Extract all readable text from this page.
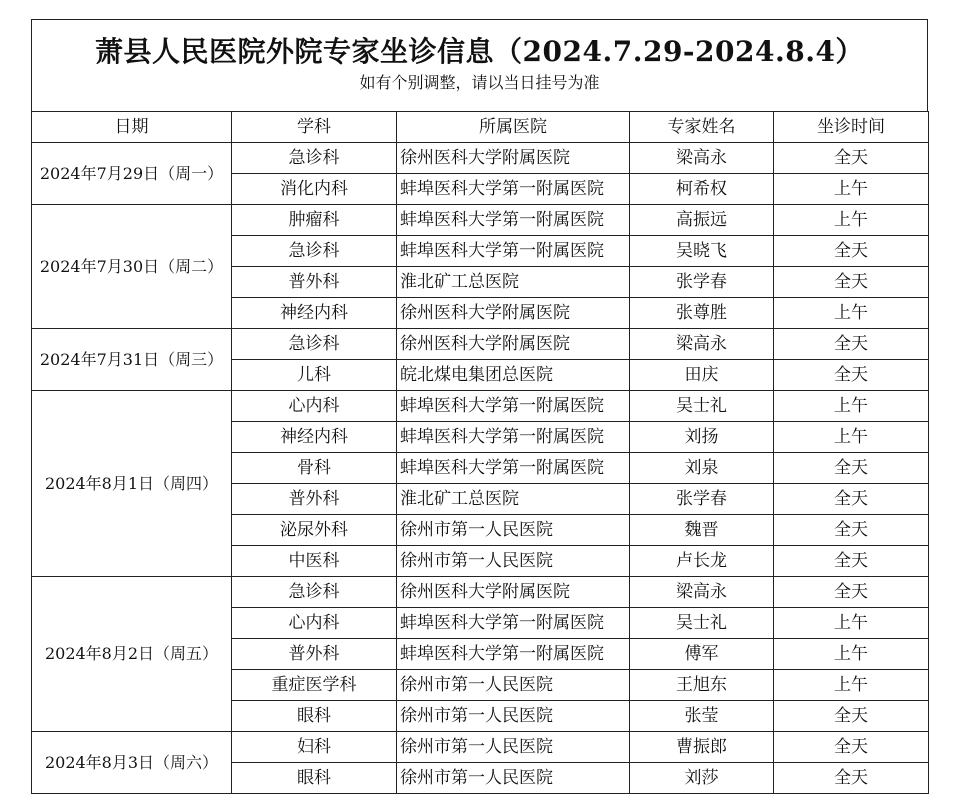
萧县人民医院外院专家坐诊信息（2024.7.29-2024.8.4）
如有个别调整，请以当日挂号为准
日期	学科	所属医院	专家姓名	坐诊时间
2024年7月29日（周一）	急诊科	徐州医科大学附属医院	梁高永	全天
	消化内科	蚌埠医科大学第一附属医院	柯希权	上午
2024年7月30日（周二）	肿瘤科	蚌埠医科大学第一附属医院	高振远	上午
	急诊科	蚌埠医科大学第一附属医院	吴晓飞	全天
	普外科	淮北矿工总医院	张学春	全天
	神经内科	徐州医科大学附属医院	张尊胜	上午
2024年7月31日（周三）	急诊科	徐州医科大学附属医院	梁高永	全天
	儿科	皖北煤电集团总医院	田庆	全天
2024年8月1日（周四）	心内科	蚌埠医科大学第一附属医院	吴士礼	上午
	神经内科	蚌埠医科大学第一附属医院	刘扬	上午
	骨科	蚌埠医科大学第一附属医院	刘泉	全天
	普外科	淮北矿工总医院	张学春	全天
	泌尿外科	徐州市第一人民医院	魏晋	全天
	中医科	徐州市第一人民医院	卢长龙	全天
2024年8月2日（周五）	急诊科	徐州医科大学附属医院	梁高永	全天
	心内科	蚌埠医科大学第一附属医院	吴士礼	上午
	普外科	蚌埠医科大学第一附属医院	傅军	上午
	重症医学科	徐州市第一人民医院	王旭东	上午
	眼科	徐州市第一人民医院	张莹	全天
2024年8月3日（周六）	妇科	徐州市第一人民医院	曹振郎	全天
	眼科	徐州市第一人民医院	刘莎	全天
